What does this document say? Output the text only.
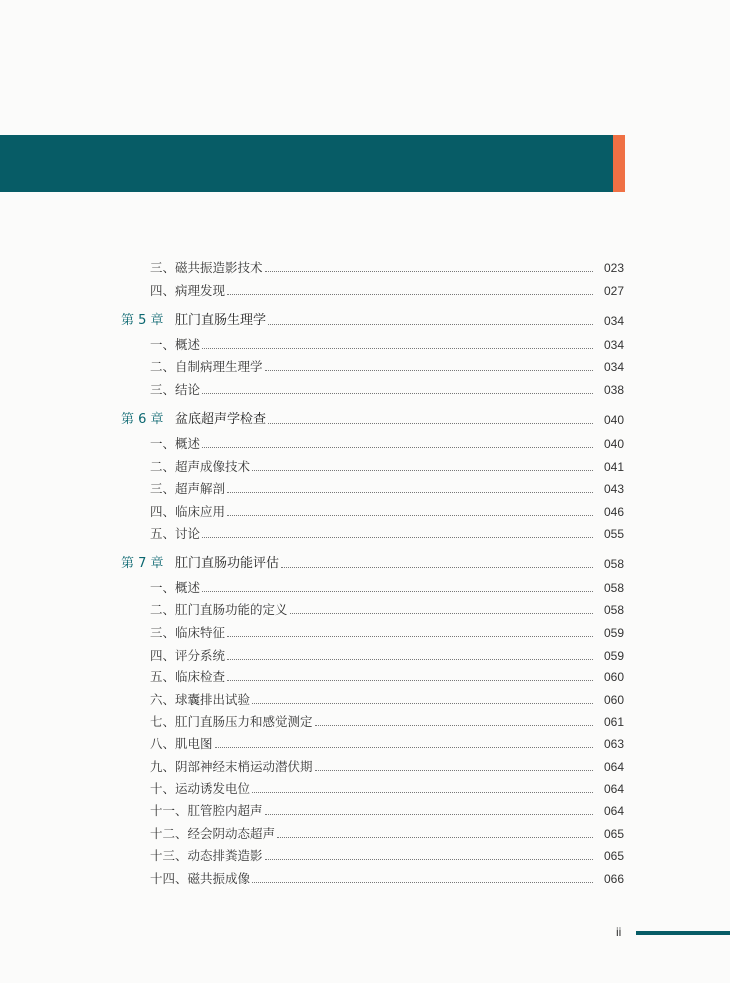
三、磁共振造影技术	023
四、病理发现	027
第 5 章 肛门直肠生理学	034
一、概述	034
二、自制病理生理学	034
三、结论	038
第 6 章 盆底超声学检查	040
一、概述	040
二、超声成像技术	041
三、超声解剖	043
四、临床应用	046
五、讨论	055
第 7 章 肛门直肠功能评估	058
一、概述	058
二、肛门直肠功能的定义	058
三、临床特征	059
四、评分系统	059
五、临床检查	060
六、球囊排出试验	060
七、肛门直肠压力和感觉测定	061
八、肌电图	063
九、阴部神经末梢运动潜伏期	064
十、运动诱发电位	064
十一、肛管腔内超声	064
十二、经会阴动态超声	065
十三、动态排粪造影	065
十四、磁共振成像	066
ii
